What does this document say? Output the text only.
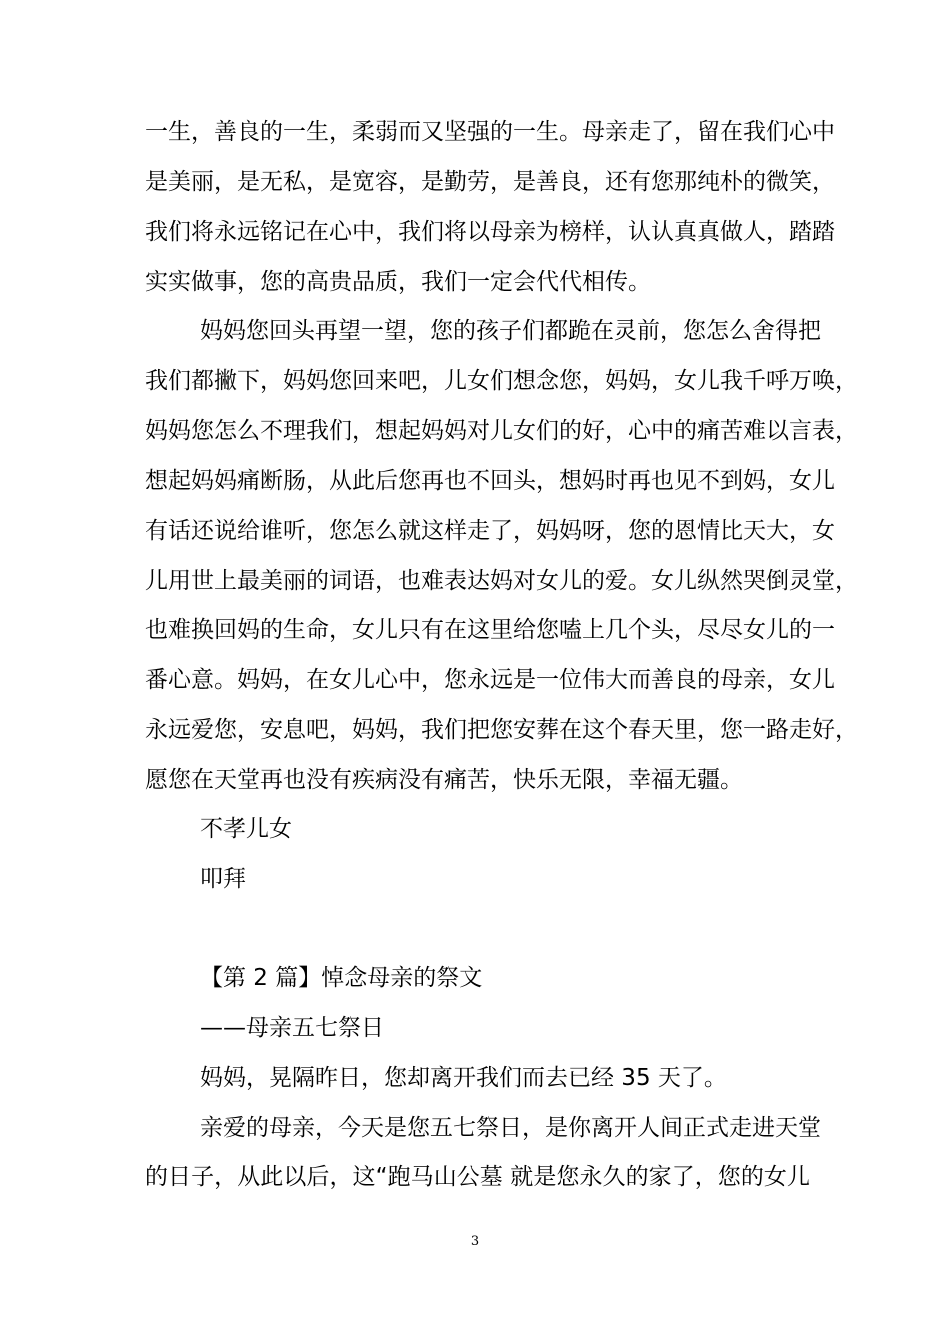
一生，善良的一生，柔弱而又坚强的一生。母亲走了，留在我们心中
是美丽，是无私，是宽容，是勤劳，是善良，还有您那纯朴的微笑，
我们将永远铭记在心中，我们将以母亲为榜样，认认真真做人，踏踏
实实做事，您的高贵品质，我们一定会代代相传。
妈妈您回头再望一望，您的孩子们都跪在灵前，您怎么舍得把
我们都撇下，妈妈您回来吧，儿女们想念您，妈妈，女儿我千呼万唤，
妈妈您怎么不理我们，想起妈妈对儿女们的好，心中的痛苦难以言表，
想起妈妈痛断肠，从此后您再也不回头，想妈时再也见不到妈，女儿
有话还说给谁听，您怎么就这样走了，妈妈呀，您的恩情比天大，女
儿用世上最美丽的词语，也难表达妈对女儿的爱。女儿纵然哭倒灵堂，
也难换回妈的生命，女儿只有在这里给您嗑上几个头，尽尽女儿的一
番心意。妈妈，在女儿心中，您永远是一位伟大而善良的母亲，女儿
永远爱您，安息吧，妈妈，我们把您安葬在这个春天里，您一路走好，
愿您在天堂再也没有疾病没有痛苦，快乐无限，幸福无疆。
不孝儿女
叩拜
【第 2 篇】悼念母亲的祭文
——母亲五七祭日
妈妈，晃隔昨日，您却离开我们而去已经 35 天了。
亲爱的母亲，今天是您五七祭日，是你离开人间正式走进天堂
的日子，从此以后，这“跑马山公墓 就是您永久的家了，您的女儿
3
